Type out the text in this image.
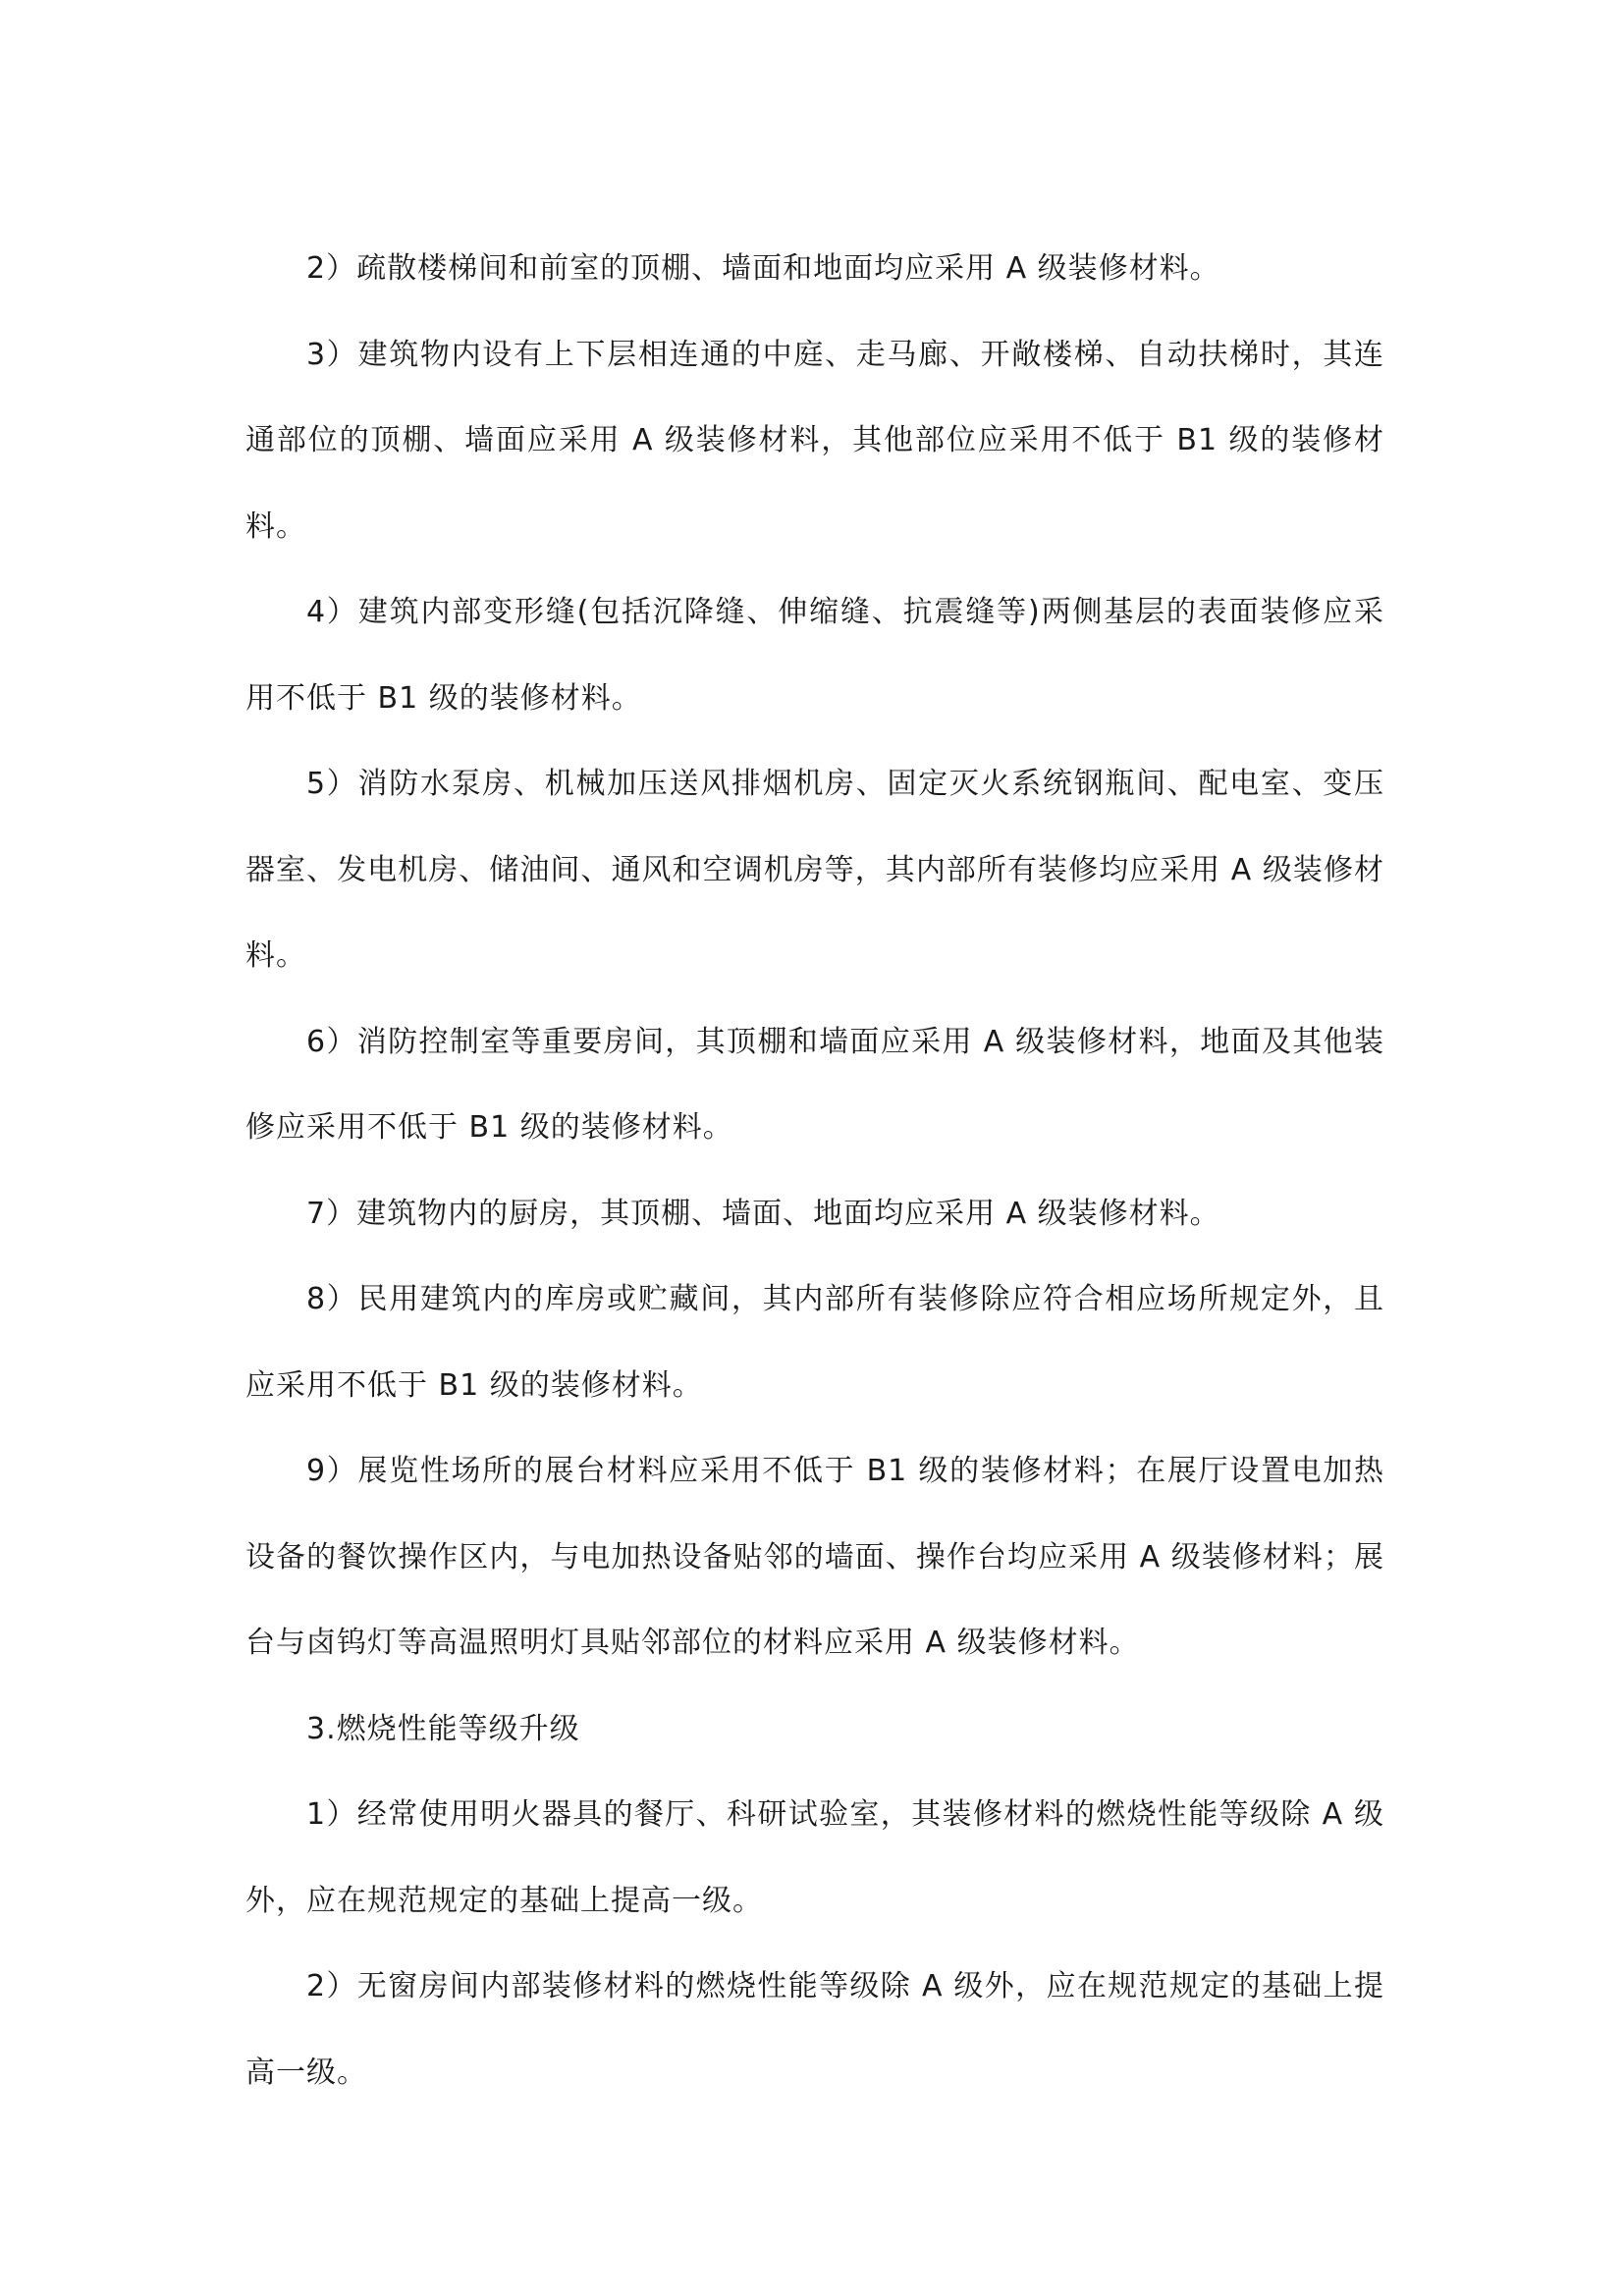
2）疏散楼梯间和前室的顶棚、墙面和地面均应采用 A 级装修材料。

3）建筑物内设有上下层相连通的中庭、走马廊、开敞楼梯、自动扶梯时，其连通部位的顶棚、墙面应采用 A 级装修材料，其他部位应采用不低于 B1 级的装修材料。

4）建筑内部变形缝(包括沉降缝、伸缩缝、抗震缝等)两侧基层的表面装修应采用不低于 B1 级的装修材料。

5）消防水泵房、机械加压送风排烟机房、固定灭火系统钢瓶间、配电室、变压器室、发电机房、储油间、通风和空调机房等，其内部所有装修均应采用 A 级装修材料。

6）消防控制室等重要房间，其顶棚和墙面应采用 A 级装修材料，地面及其他装修应采用不低于 B1 级的装修材料。

7）建筑物内的厨房，其顶棚、墙面、地面均应采用 A 级装修材料。

8）民用建筑内的库房或贮藏间，其内部所有装修除应符合相应场所规定外，且应采用不低于 B1 级的装修材料。

9）展览性场所的展台材料应采用不低于 B1 级的装修材料；在展厅设置电加热设备的餐饮操作区内，与电加热设备贴邻的墙面、操作台均应采用 A 级装修材料；展台与卤钨灯等高温照明灯具贴邻部位的材料应采用 A 级装修材料。

3.燃烧性能等级升级

1）经常使用明火器具的餐厅、科研试验室，其装修材料的燃烧性能等级除 A 级外，应在规范规定的基础上提高一级。

2）无窗房间内部装修材料的燃烧性能等级除 A 级外，应在规范规定的基础上提高一级。
